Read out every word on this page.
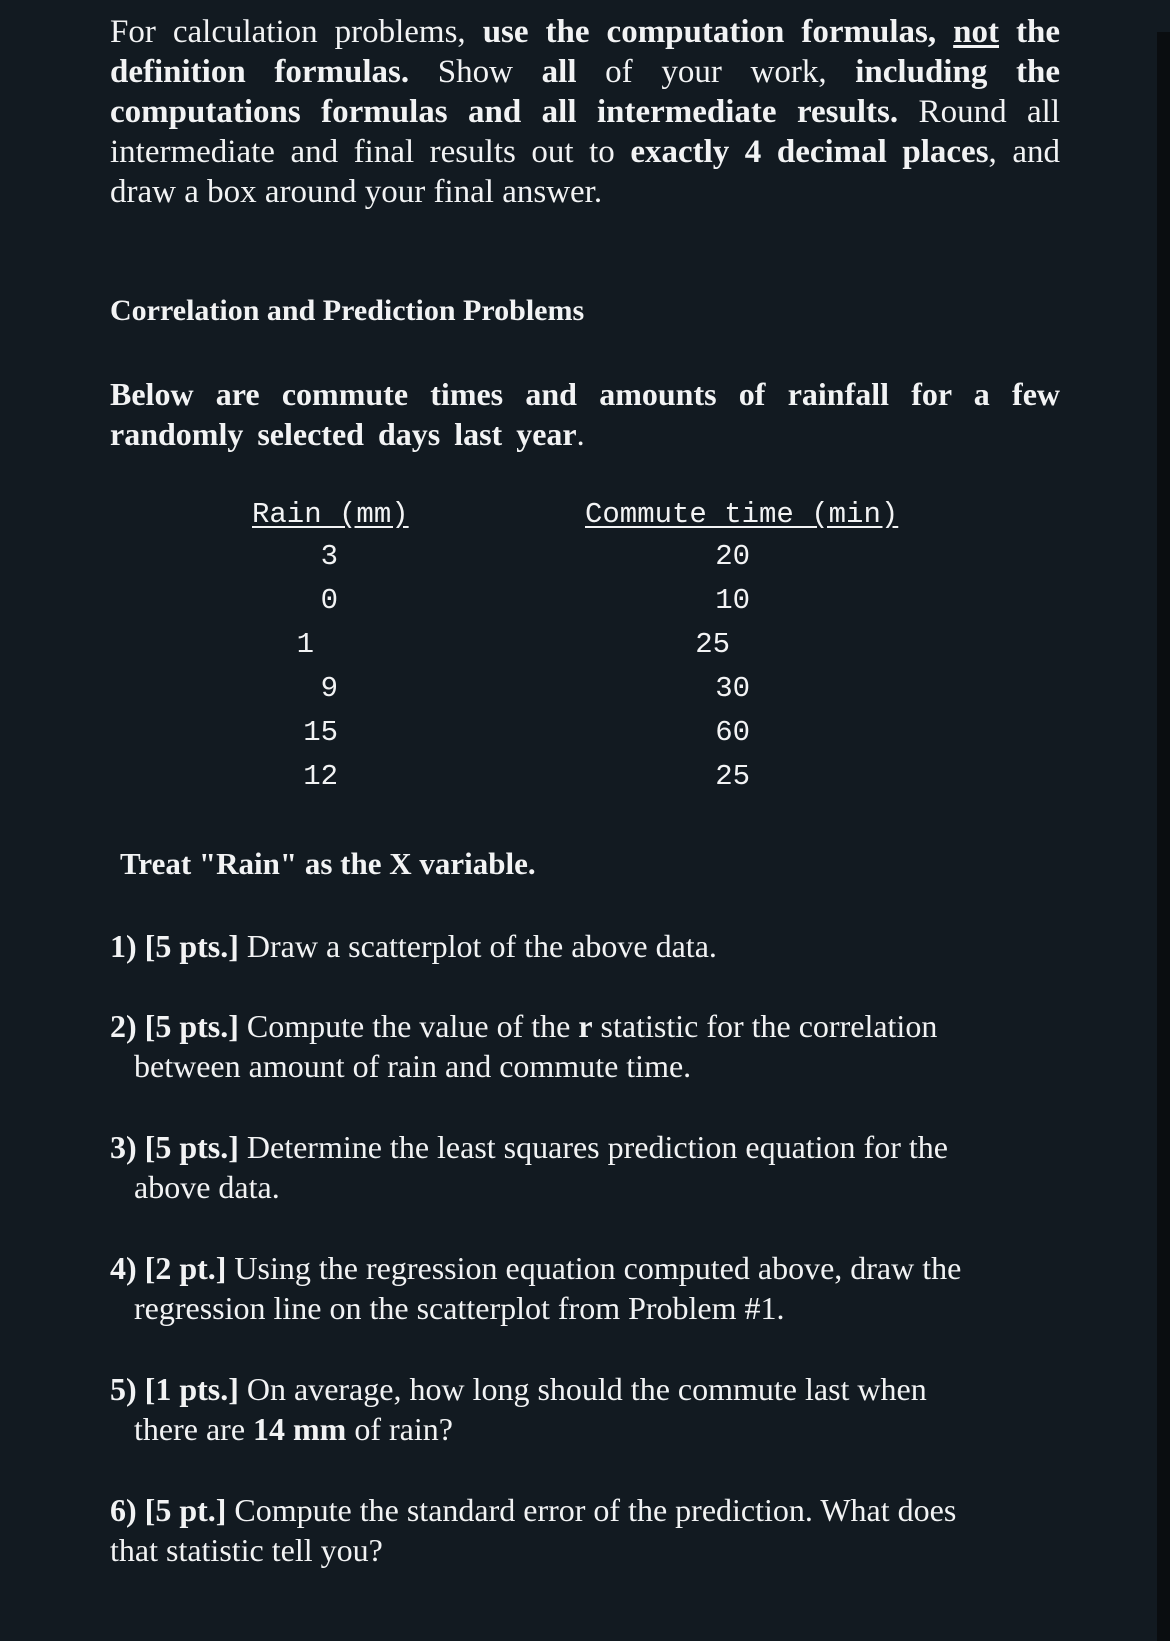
For calculation problems, use the computation formulas, not the definition formulas. Show all of your work, including the computations formulas and all intermediate results. Round all intermediate and final results out to exactly 4 decimal places, and draw a box around your final answer.
Correlation and Prediction Problems
Below are commute times and amounts of rainfall for a few randomly selected days last year.
Rain (mm)	Commute time (min)
3
0
1
9
15
12
20
10
25
30
60
25
Treat "Rain" as the X variable.
1) [5 pts.] Draw a scatterplot of the above data.
2) [5 pts.] Compute the value of the r statistic for the correlation
between amount of rain and commute time.
3) [5 pts.] Determine the least squares prediction equation for the
above data.
4) [2 pt.] Using the regression equation computed above, draw the
regression line on the scatterplot from Problem #1.
5) [1 pts.] On average, how long should the commute last when
there are 14 mm of rain?
6) [5 pt.] Compute the standard error of the prediction. What does
that statistic tell you?
